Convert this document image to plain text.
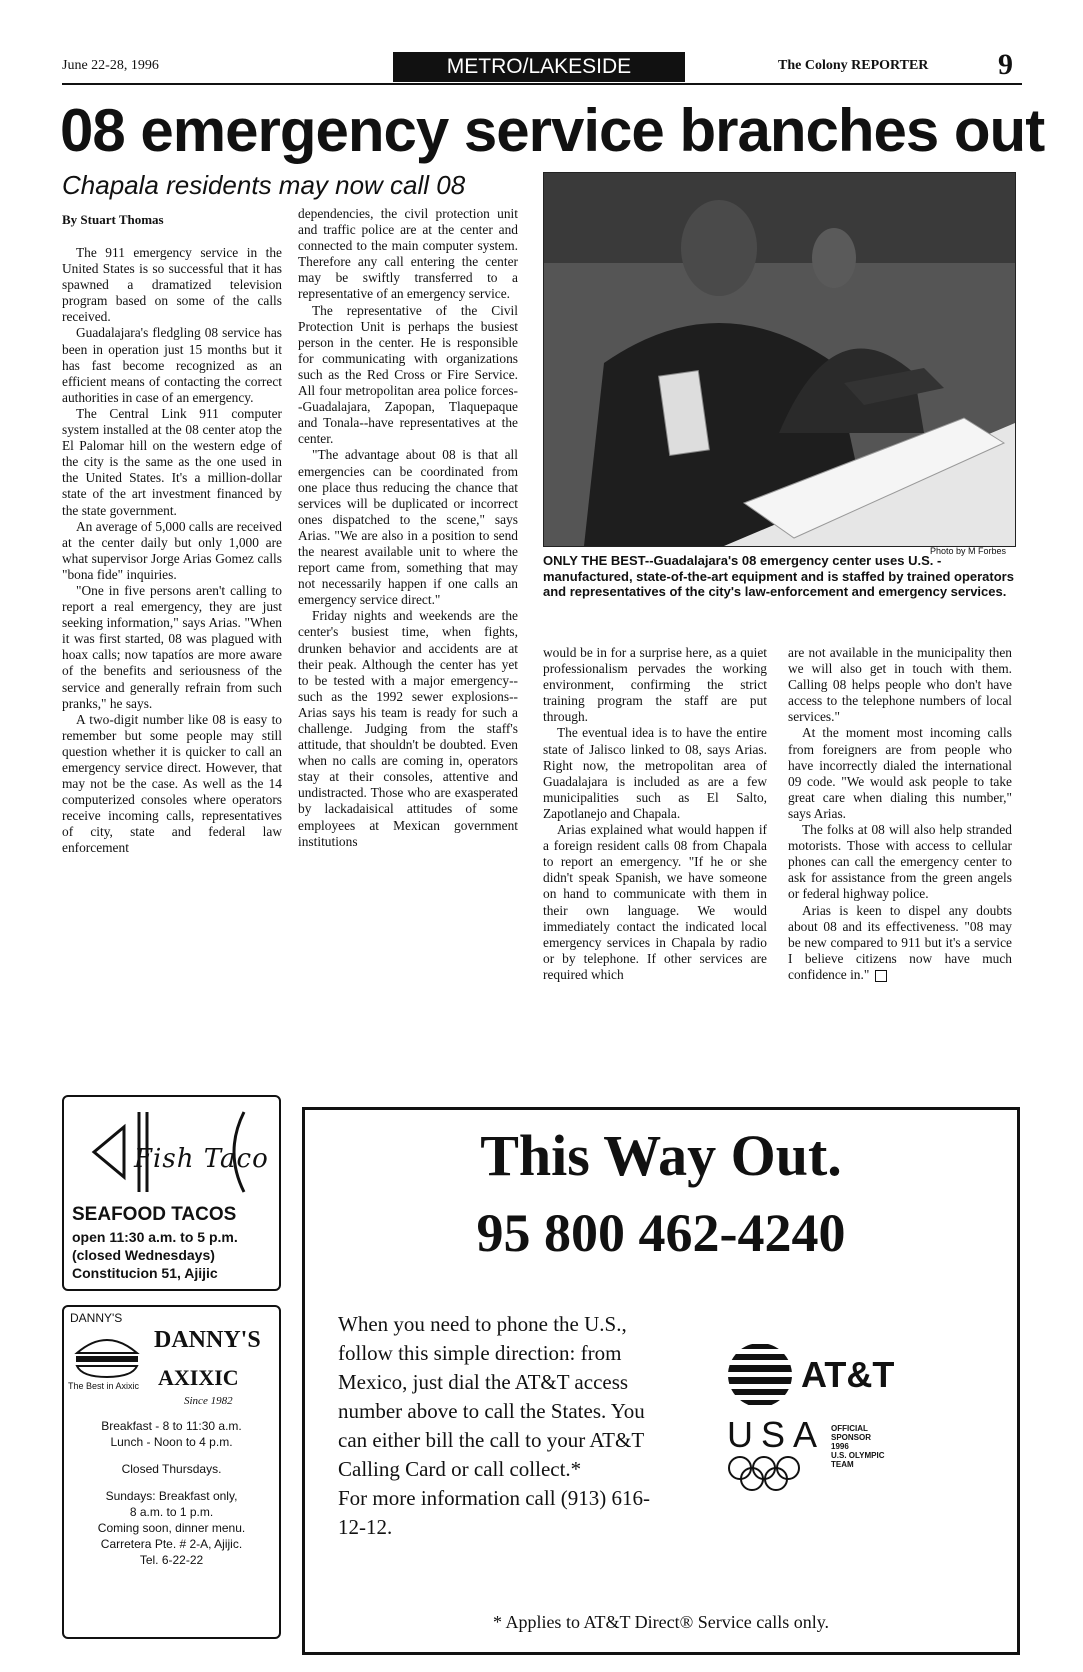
June 22-28, 1996	METRO/LAKESIDE	The Colony REPORTER 9
08 emergency service branches out
Chapala residents may now call 08
By Stuart Thomas

The 911 emergency service in the United States is so successful that it has spawned a dramatized television program based on some of the calls received.

Guadalajara's fledgling 08 service has been in operation just 15 months but it has fast become recognized as an efficient means of contacting the correct authorities in case of an emergency.

The Central Link 911 computer system installed at the 08 center atop the El Palomar hill on the western edge of the city is the same as the one used in the United States. It's a million-dollar state of the art investment financed by the state government.

An average of 5,000 calls are received at the center daily but only 1,000 are what supervisor Jorge Arias Gomez calls "bona fide" inquiries.

"One in five persons aren't calling to report a real emergency, they are just seeking information," says Arias. "When it was first started, 08 was plagued with hoax calls; now tapatíos are more aware of the benefits and seriousness of the service and generally refrain from such pranks," he says.

A two-digit number like 08 is easy to remember but some people may still question whether it is quicker to call an emergency service direct. However, that may not be the case. As well as the 14 computerized consoles where operators receive incoming calls, representatives of city, state and federal law enforcement

dependencies, the civil protection unit and traffic police are at the center and connected to the main computer system. Therefore any call entering the center may be swiftly transferred to a representative of an emergency service.

The representative of the Civil Protection Unit is perhaps the busiest person in the center. He is responsible for communicating with organizations such as the Red Cross or Fire Service. All four metropolitan area police forces--Guadalajara, Zapopan, Tlaquepaque and Tonala--have representatives at the center.

"The advantage about 08 is that all emergencies can be coordinated from one place thus reducing the chance that services will be duplicated or incorrect ones dispatched to the scene," says Arias. "We are also in a position to send the nearest available unit to where the report came from, something that may not necessarily happen if one calls an emergency service direct."

Friday nights and weekends are the center's busiest time, when fights, drunken behavior and accidents are at their peak. Although the center has yet to be tested with a major emergency--such as the 1992 sewer explosions--Arias says his team is ready for such a challenge. Judging from the staff's attitude, that shouldn't be doubted. Even when no calls are coming in, operators stay at their consoles, attentive and undistracted. Those who are exasperated by lackadaisical attitudes of some employees at Mexican government institutions

Photo by M Forbes
ONLY THE BEST--Guadalajara's 08 emergency center uses U.S. -manufactured, state-of-the-art equipment and is staffed by trained operators and representatives of the city's law-enforcement and emergency services.

would be in for a surprise here, as a quiet professionalism pervades the working environment, confirming the strict training program the staff are put through.

The eventual idea is to have the entire state of Jalisco linked to 08, says Arias. Right now, the metropolitan area of Guadalajara is included as are a few municipalities such as El Salto, Zapotlanejo and Chapala.

Arias explained what would happen if a foreign resident calls 08 from Chapala to report an emergency. "If he or she didn't speak Spanish, we have someone on hand to communicate with them in their own language. We would immediately contact the indicated local emergency services in Chapala by radio or by telephone. If other services are required which

are not available in the municipality then we will also get in touch with them. Calling 08 helps people who don't have access to the telephone numbers of local services."

At the moment most incoming calls from foreigners are from people who have incorrectly dialed the international 09 code. "We would ask people to take great care when dialing this number," says Arias.

The folks at 08 will also help stranded motorists. Those with access to cellular phones can call the emergency center to ask for assistance from the green angels or federal highway police.

Arias is keen to dispel any doubts about 08 and its effectiveness. "08 may be new compared to 911 but it's a service I believe citizens now have much confidence in."

Fish Taco
SEAFOOD TACOS
open 11:30 a.m. to 5 p.m.
(closed Wednesdays)
Constitucion 51, Ajijic
DANNY'S
DANNY'S
AXIXIC
The Best in Axixic
Since 1982
Breakfast - 8 to 11:30 a.m.
Lunch - Noon to 4 p.m.
Closed Thursdays.
Sundays: Breakfast only,
8 a.m. to 1 p.m.
Coming soon, dinner menu.
Carretera Pte. # 2-A, Ajijic.
Tel. 6-22-22
This Way Out.
95 800 462-4240

When you need to phone the U.S., follow this simple direction: from Mexico, just dial the AT&T access number above to call the States. You can either bill the call to your AT&T Calling Card or call collect.*

For more information call (913) 616-12-12.

AT&T
USA OFFICIAL
SPONSOR
1996
U.S. OLYMPIC
TEAM
* Applies to AT&T Direct® Service calls only.
